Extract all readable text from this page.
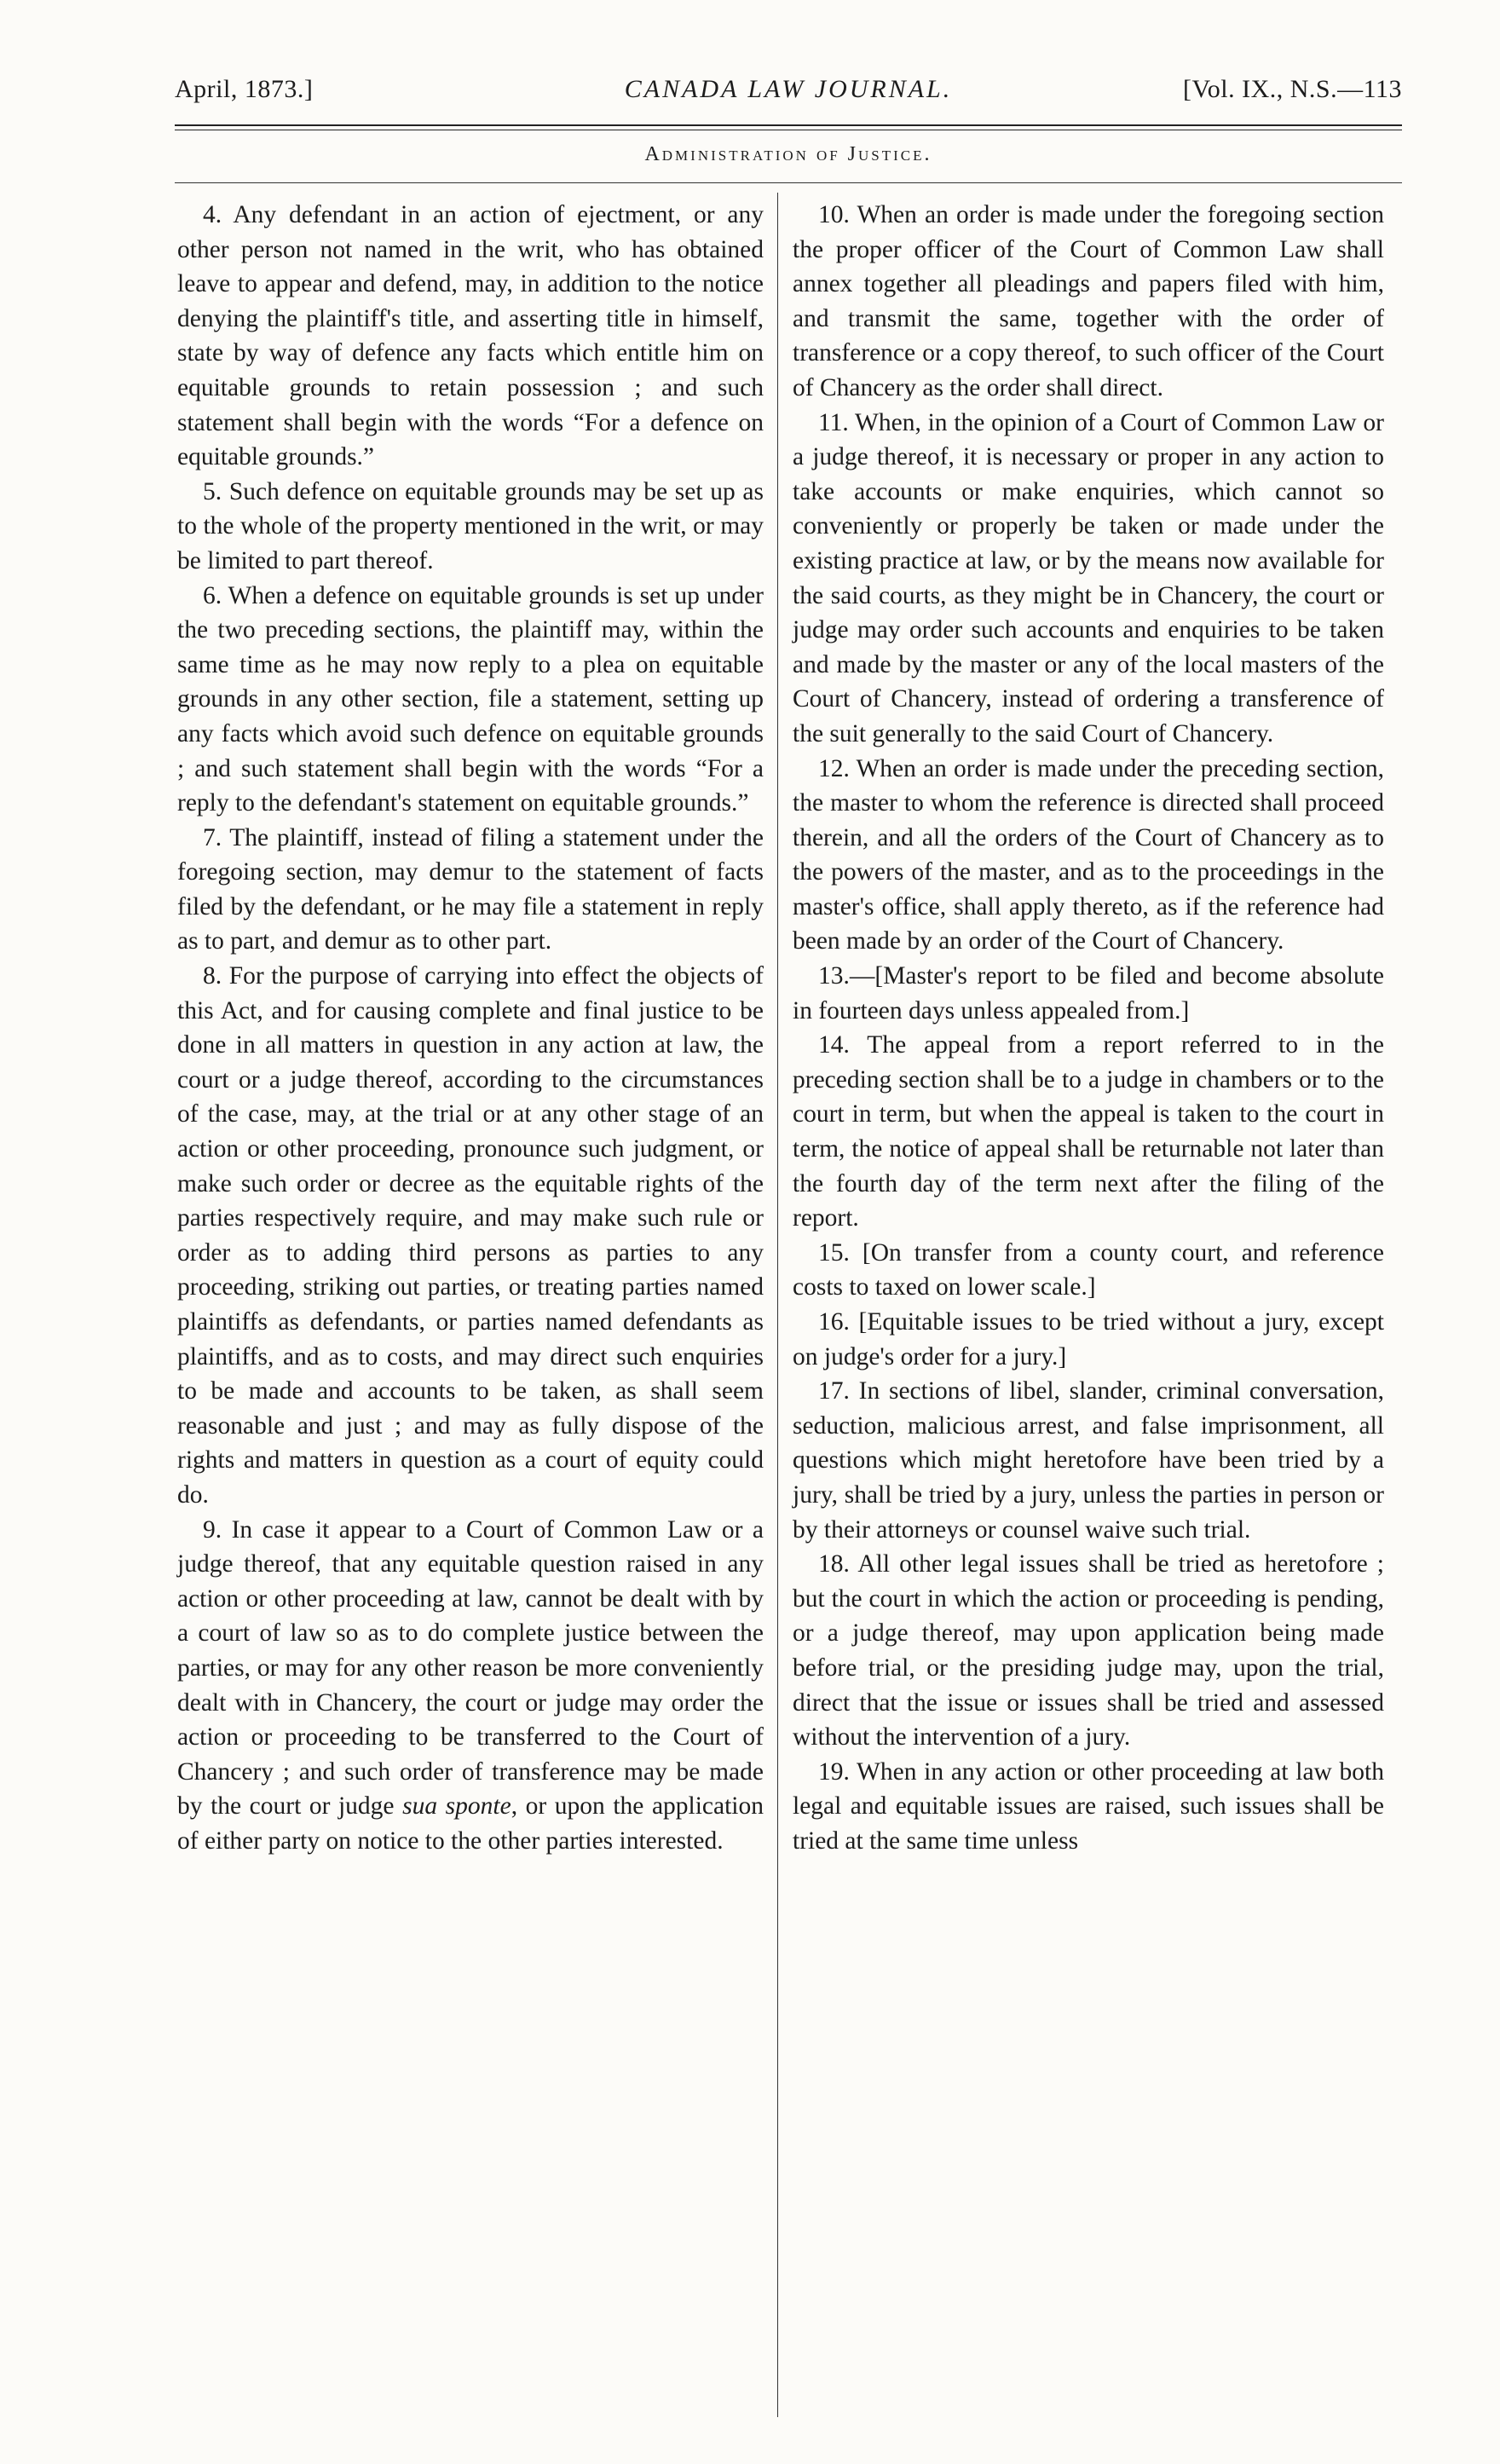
April, 1873.]	CANADA LAW JOURNAL.	[Vol. IX., N.S.—113
Administration of Justice.

4. Any defendant in an action of ejectment, or any other person not named in the writ, who has obtained leave to appear and defend, may, in addition to the notice denying the plaintiff's title, and asserting title in himself, state by way of defence any facts which entitle him on equitable grounds to retain possession ; and such statement shall begin with the words “For a defence on equitable grounds.”

5. Such defence on equitable grounds may be set up as to the whole of the property mentioned in the writ, or may be limited to part thereof.

6. When a defence on equitable grounds is set up under the two preceding sections, the plaintiff may, within the same time as he may now reply to a plea on equitable grounds in any other section, file a statement, setting up any facts which avoid such defence on equitable grounds ; and such statement shall begin with the words “For a reply to the defendant's statement on equitable grounds.”

7. The plaintiff, instead of filing a statement under the foregoing section, may demur to the statement of facts filed by the defendant, or he may file a statement in reply as to part, and demur as to other part.

8. For the purpose of carrying into effect the objects of this Act, and for causing complete and final justice to be done in all matters in question in any action at law, the court or a judge thereof, according to the circumstances of the case, may, at the trial or at any other stage of an action or other proceeding, pronounce such judgment, or make such order or decree as the equitable rights of the parties respectively require, and may make such rule or order as to adding third persons as parties to any proceeding, striking out parties, or treating parties named plaintiffs as defendants, or parties named defendants as plaintiffs, and as to costs, and may direct such enquiries to be made and accounts to be taken, as shall seem reasonable and just ; and may as fully dispose of the rights and matters in question as a court of equity could do.

9. In case it appear to a Court of Common Law or a judge thereof, that any equitable question raised in any action or other proceeding at law, cannot be dealt with by a court of law so as to do complete justice between the parties, or may for any other reason be more conveniently dealt with in Chancery, the court or judge may order the action or proceeding to be transferred to the Court of Chancery ; and such order of transference may be made by the court or judge sua sponte, or upon the application of either party on notice to the other parties interested.

10. When an order is made under the foregoing section the proper officer of the Court of Common Law shall annex together all pleadings and papers filed with him, and transmit the same, together with the order of transference or a copy thereof, to such officer of the Court of Chancery as the order shall direct.

11. When, in the opinion of a Court of Common Law or a judge thereof, it is necessary or proper in any action to take accounts or make enquiries, which cannot so conveniently or properly be taken or made under the existing practice at law, or by the means now available for the said courts, as they might be in Chancery, the court or judge may order such accounts and enquiries to be taken and made by the master or any of the local masters of the Court of Chancery, instead of ordering a transference of the suit generally to the said Court of Chancery.

12. When an order is made under the preceding section, the master to whom the reference is directed shall proceed therein, and all the orders of the Court of Chancery as to the powers of the master, and as to the proceedings in the master's office, shall apply thereto, as if the reference had been made by an order of the Court of Chancery.

13.—[Master's report to be filed and become absolute in fourteen days unless appealed from.]

14. The appeal from a report referred to in the preceding section shall be to a judge in chambers or to the court in term, but when the appeal is taken to the court in term, the notice of appeal shall be returnable not later than the fourth day of the term next after the filing of the report.

15. [On transfer from a county court, and reference costs to taxed on lower scale.]

16. [Equitable issues to be tried without a jury, except on judge's order for a jury.]

17. In sections of libel, slander, criminal conversation, seduction, malicious arrest, and false imprisonment, all questions which might heretofore have been tried by a jury, shall be tried by a jury, unless the parties in person or by their attorneys or counsel waive such trial.

18. All other legal issues shall be tried as heretofore ; but the court in which the action or proceeding is pending, or a judge thereof, may upon application being made before trial, or the presiding judge may, upon the trial, direct that the issue or issues shall be tried and assessed without the intervention of a jury.

19. When in any action or other proceeding at law both legal and equitable issues are raised, such issues shall be tried at the same time unless
